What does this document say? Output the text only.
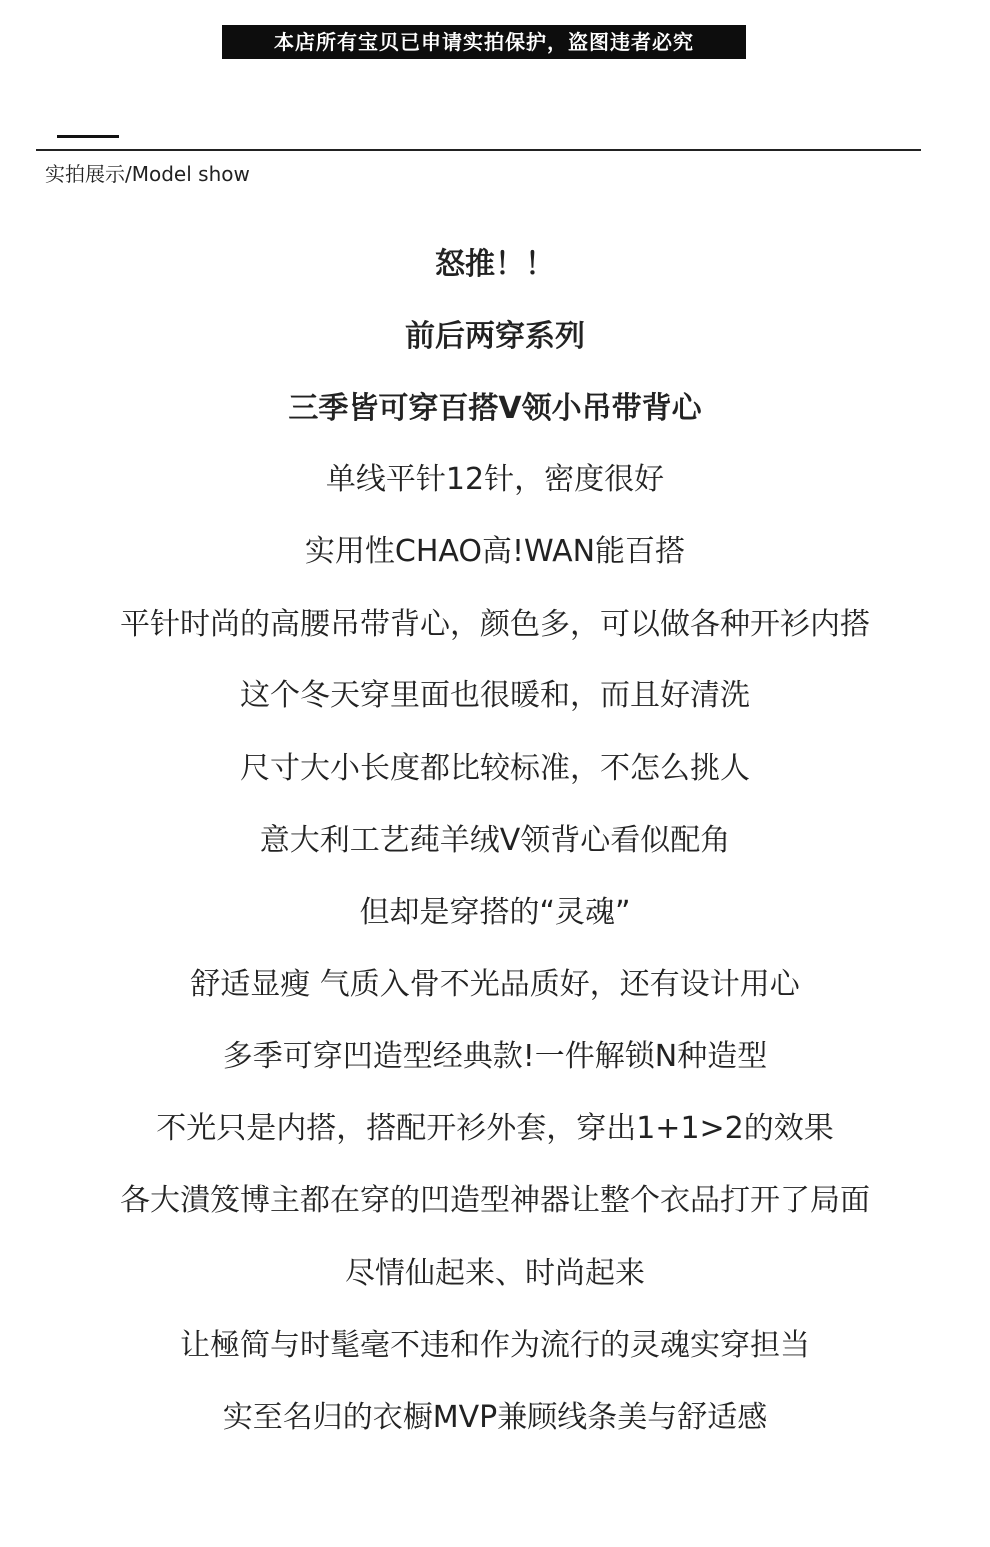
本店所有宝贝已申请实拍保护，盗图违者必究
实拍展示/Model show
怒推！！
前后两穿系列
三季皆可穿百搭V领小吊带背心
单线平针12针，密度很好
实用性CHAO高!WAN能百搭
平针时尚的高腰吊带背心，颜色多，可以做各种开衫内搭
这个冬天穿里面也很暖和，而且好清洗
尺寸大小长度都比较标准，不怎么挑人
意大利工艺莼羊绒V领背心看似配角
但却是穿搭的“灵魂”
舒适显瘦 气质入骨不光品质好，还有设计用心
多季可穿凹造型经典款!一件解锁N种造型
不光只是内搭，搭配开衫外套，穿出1+1>2的效果
各大潰笈博主都在穿的凹造型神器让整个衣品打开了局面
尽情仙起来、时尚起来
让極简与时髦毫不违和作为流行的灵魂实穿担当
实至名归的衣橱MVP兼顾线条美与舒适感
